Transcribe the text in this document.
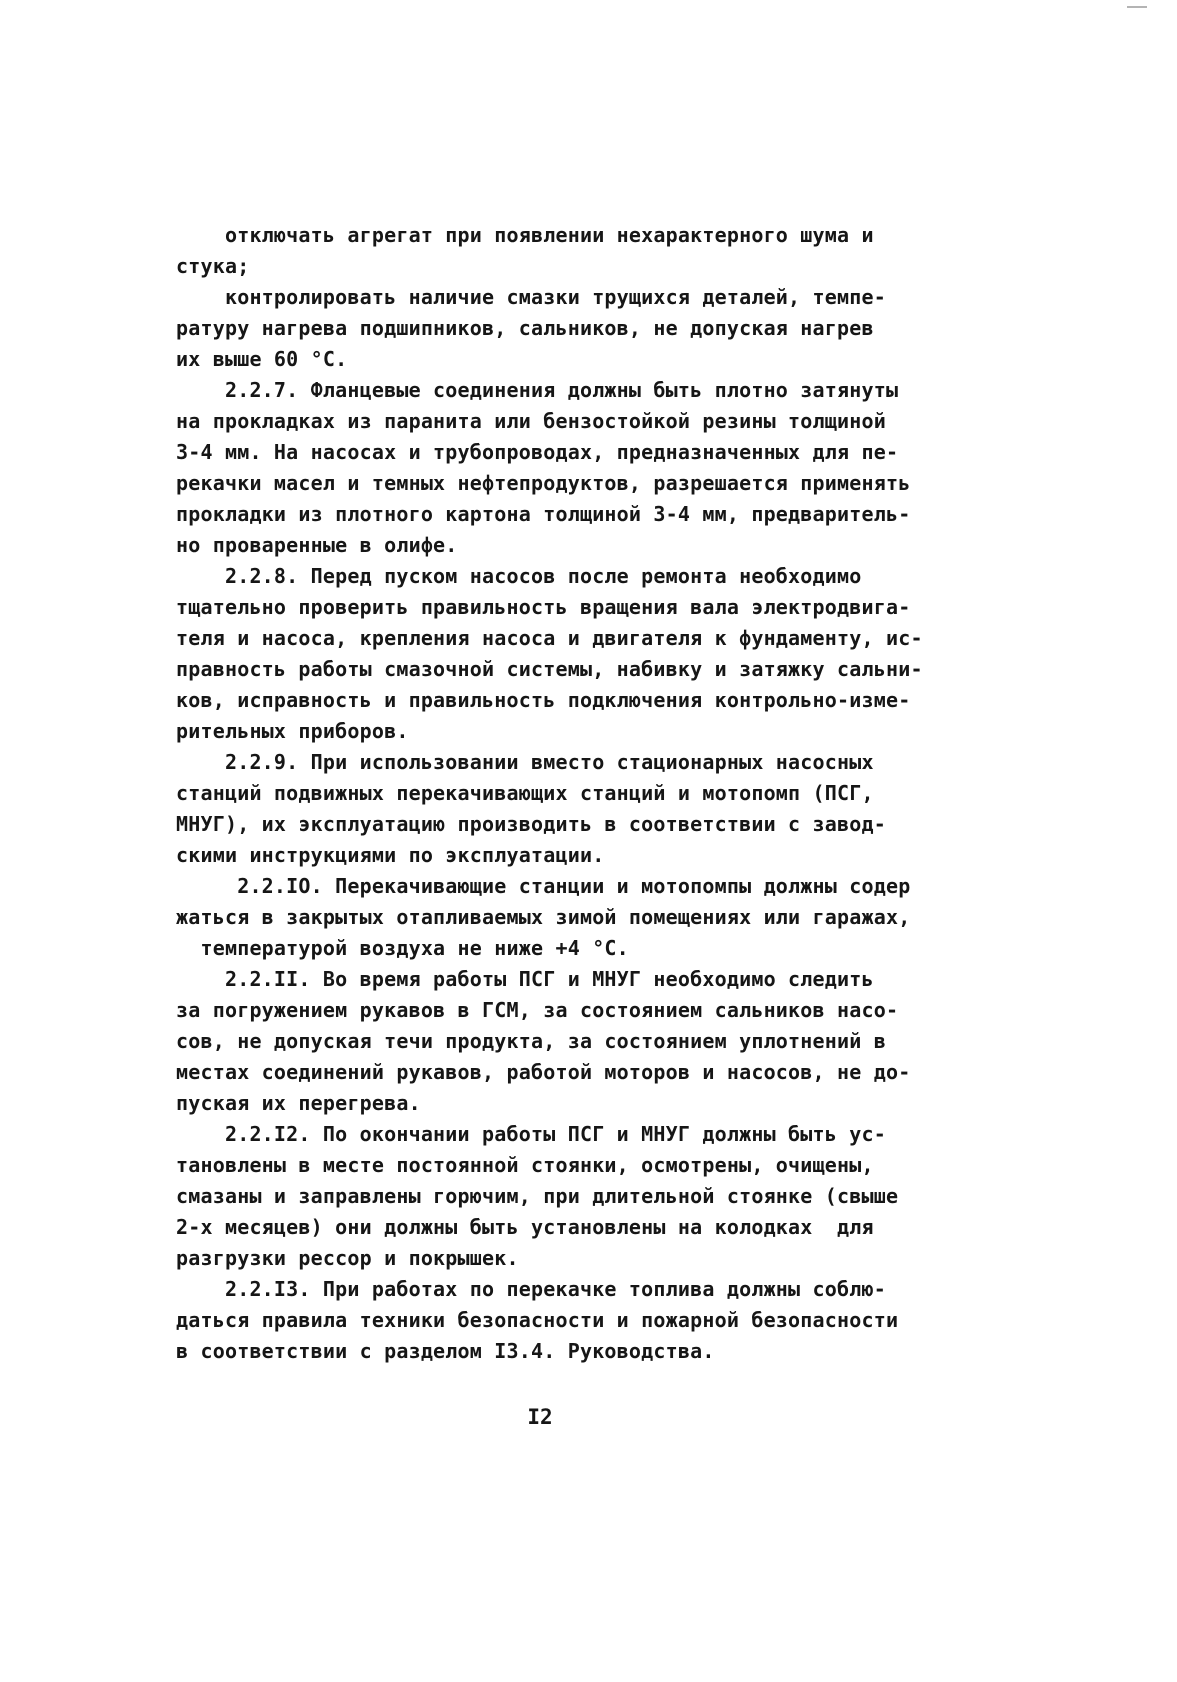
отключать агрегат при появлении нехарактерного шума и
стука;
контролировать наличие смазки трущихся деталей, темпе-
ратуру нагрева подшипников, сальников, не допуская нагрев
их выше 60 °С.
2.2.7. Фланцевые соединения должны быть плотно затянуты
на прокладках из паранита или бензостойкой резины толщиной
3-4 мм. На насосах и трубопроводах, предназначенных для пе-
рекачки масел и темных нефтепродуктов, разрешается применять
прокладки из плотного картона толщиной 3-4 мм, предваритель-
но проваренные в олифе.
2.2.8. Перед пуском насосов после ремонта необходимо
тщательно проверить правильность вращения вала электродвига-
теля и насоса, крепления насоса и двигателя к фундаменту, ис-
правность работы смазочной системы, набивку и затяжку сальни-
ков, исправность и правильность подключения контрольно-изме-
рительных приборов.
2.2.9. При использовании вместо стационарных насосных
станций подвижных перекачивающих станций и мотопомп (ПСГ,
МНУГ), их эксплуатацию производить в соответствии с завод-
скими инструкциями по эксплуатации.
2.2.IO. Перекачивающие станции и мотопомпы должны содер
жаться в закрытых отапливаемых зимой помещениях или гаражах,
температурой воздуха не ниже +4 °С.
2.2.II. Во время работы ПСГ и МНУГ необходимо следить
за погружением рукавов в ГСМ, за состоянием сальников насо-
сов, не допуская течи продукта, за состоянием уплотнений в
местах соединений рукавов, работой моторов и насосов, не до-
пуская их перегрева.
2.2.I2. По окончании работы ПСГ и МНУГ должны быть ус-
тановлены в месте постоянной стоянки, осмотрены, очищены,
смазаны и заправлены горючим, при длительной стоянке (свыше
2-х месяцев) они должны быть установлены на колодках  для
разгрузки рессор и покрышек.
2.2.I3. При работах по перекачке топлива должны соблю-
даться правила техники безопасности и пожарной безопасности
в соответствии с разделом I3.4. Руководства.
I2
